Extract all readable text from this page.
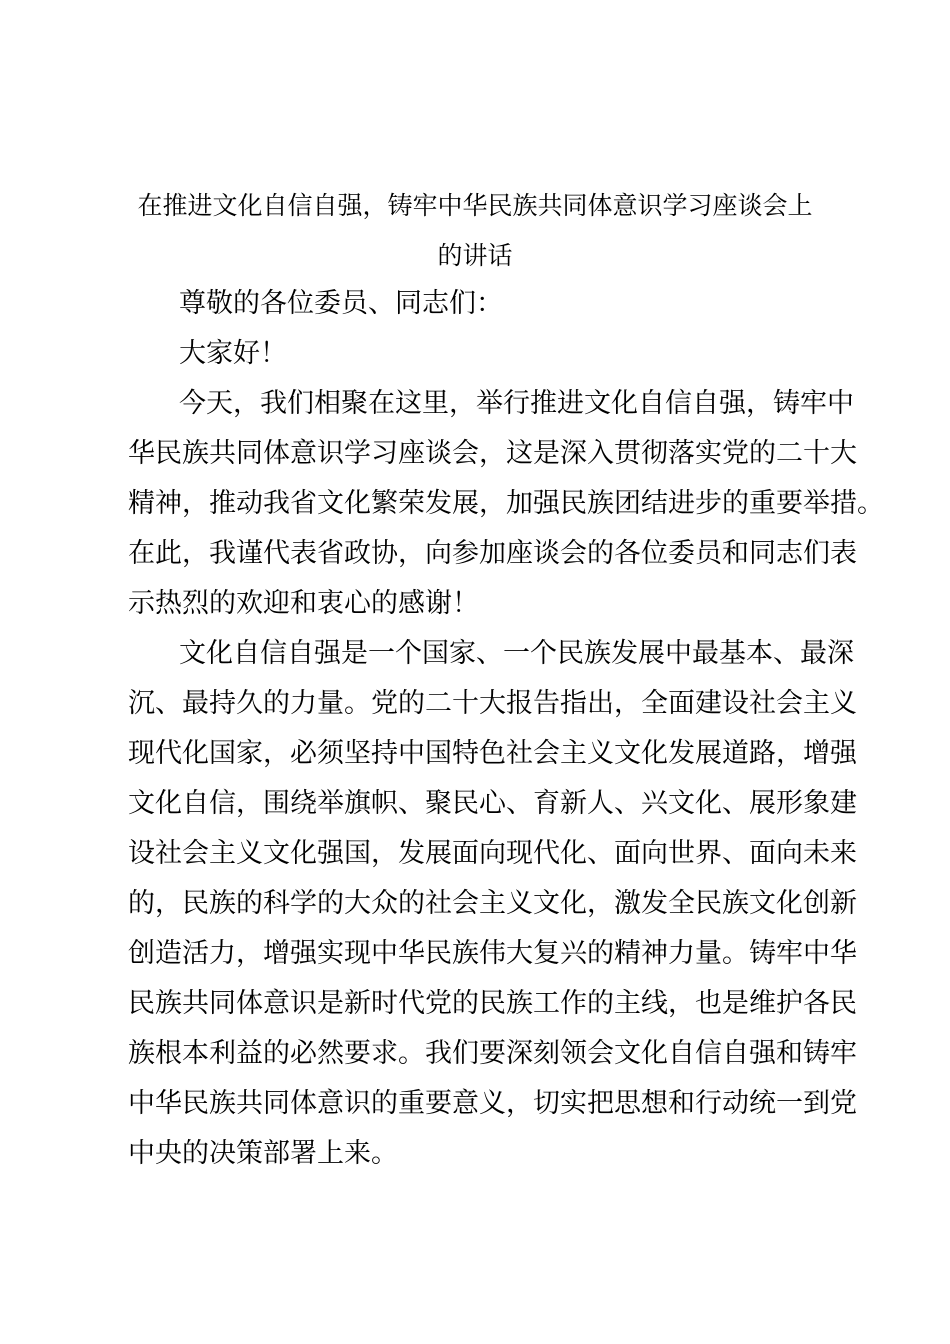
在推进文化自信自强，铸牢中华民族共同体意识学习座谈会上
的讲话
尊敬的各位委员、同志们：
大家好！
今天，我们相聚在这里，举行推进文化自信自强，铸牢中
华民族共同体意识学习座谈会，这是深入贯彻落实党的二十大
精神，推动我省文化繁荣发展，加强民族团结进步的重要举措。
在此，我谨代表省政协，向参加座谈会的各位委员和同志们表
示热烈的欢迎和衷心的感谢！
文化自信自强是一个国家、一个民族发展中最基本、最深
沉、最持久的力量。党的二十大报告指出，全面建设社会主义
现代化国家，必须坚持中国特色社会主义文化发展道路，增强
文化自信，围绕举旗帜、聚民心、育新人、兴文化、展形象建
设社会主义文化强国，发展面向现代化、面向世界、面向未来
的，民族的科学的大众的社会主义文化，激发全民族文化创新
创造活力，增强实现中华民族伟大复兴的精神力量。铸牢中华
民族共同体意识是新时代党的民族工作的主线，也是维护各民
族根本利益的必然要求。我们要深刻领会文化自信自强和铸牢
中华民族共同体意识的重要意义，切实把思想和行动统一到党
中央的决策部署上来。
